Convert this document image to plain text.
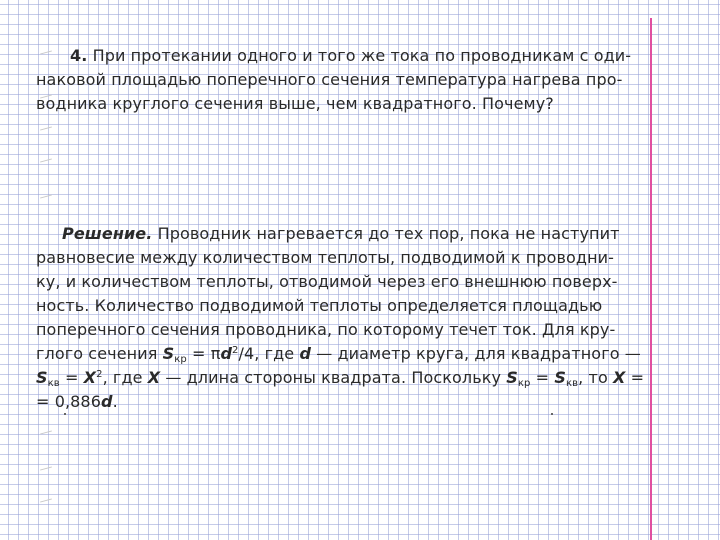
4. При протекании одного и того же тока по проводникам с оди-
наковой площадью поперечного сечения температура нагрева про-
водника круглого сечения выше, чем квадратного. Почему?
Решение. Проводник нагревается до тех пор, пока не наступит
равновесие между количеством теплоты, подводимой к проводни-
ку, и количеством теплоты, отводимой через его внешнюю поверх-
ность. Количество подводимой теплоты определяется площадью
поперечного сечения проводника, по которому течет ток. Для кру-
глого сечения $S_{кр} = \pi d^2/4$, где d — диаметр круга, для квадратного —
$S_{кв} = X^2$, где X — длина стороны квадрата. Поскольку $S_{кр} = S_{кв}$, то X =
= 0,886d.
